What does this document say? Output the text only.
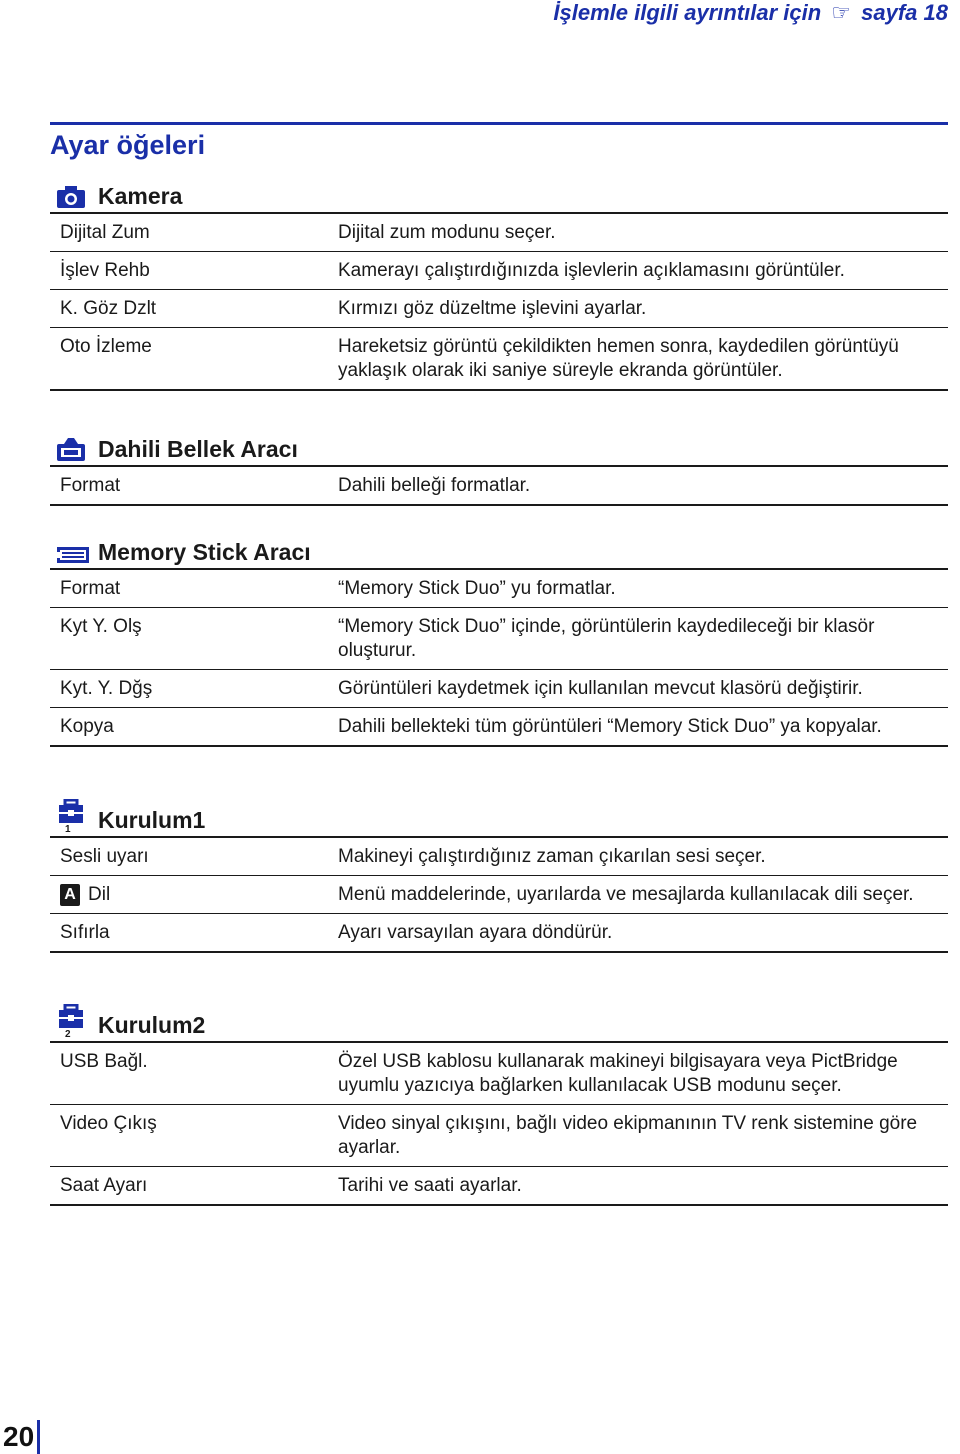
İşlemle ilgili ayrıntılar için ☞ sayfa 18
Ayar öğeleri
Kamera
Dijital Zum	Dijital zum modunu seçer.
İşlev Rehb	Kamerayı çalıştırdığınızda işlevlerin açıklamasını görüntüler.
K. Göz Dzlt	Kırmızı göz düzeltme işlevini ayarlar.
Oto İzleme	Hareketsiz görüntü çekildikten hemen sonra, kaydedilen görüntüyü yaklaşık olarak iki saniye süreyle ekranda görüntüler.
Dahili Bellek Aracı
Format	Dahili belleği formatlar.
Memory Stick Aracı
Format	“Memory Stick Duo” yu formatlar.
Kyt Y. Olş	“Memory Stick Duo” içinde, görüntülerin kaydedileceği bir klasör oluşturur.
Kyt. Y. Dğş	Görüntüleri kaydetmek için kullanılan mevcut klasörü değiştirir.
Kopya	Dahili bellekteki tüm görüntüleri “Memory Stick Duo” ya kopyalar.
1 Kurulum1
Sesli uyarı	Makineyi çalıştırdığınız zaman çıkarılan sesi seçer.
A Dil	Menü maddelerinde, uyarılarda ve mesajlarda kullanılacak dili seçer.
Sıfırla	Ayarı varsayılan ayara döndürür.
2 Kurulum2
USB Bağl.	Özel USB kablosu kullanarak makineyi bilgisayara veya PictBridge uyumlu yazıcıya bağlarken kullanılacak USB modunu seçer.
Video Çıkış	Video sinyal çıkışını, bağlı video ekipmanının TV renk sistemine göre ayarlar.
Saat Ayarı	Tarihi ve saati ayarlar.
20
